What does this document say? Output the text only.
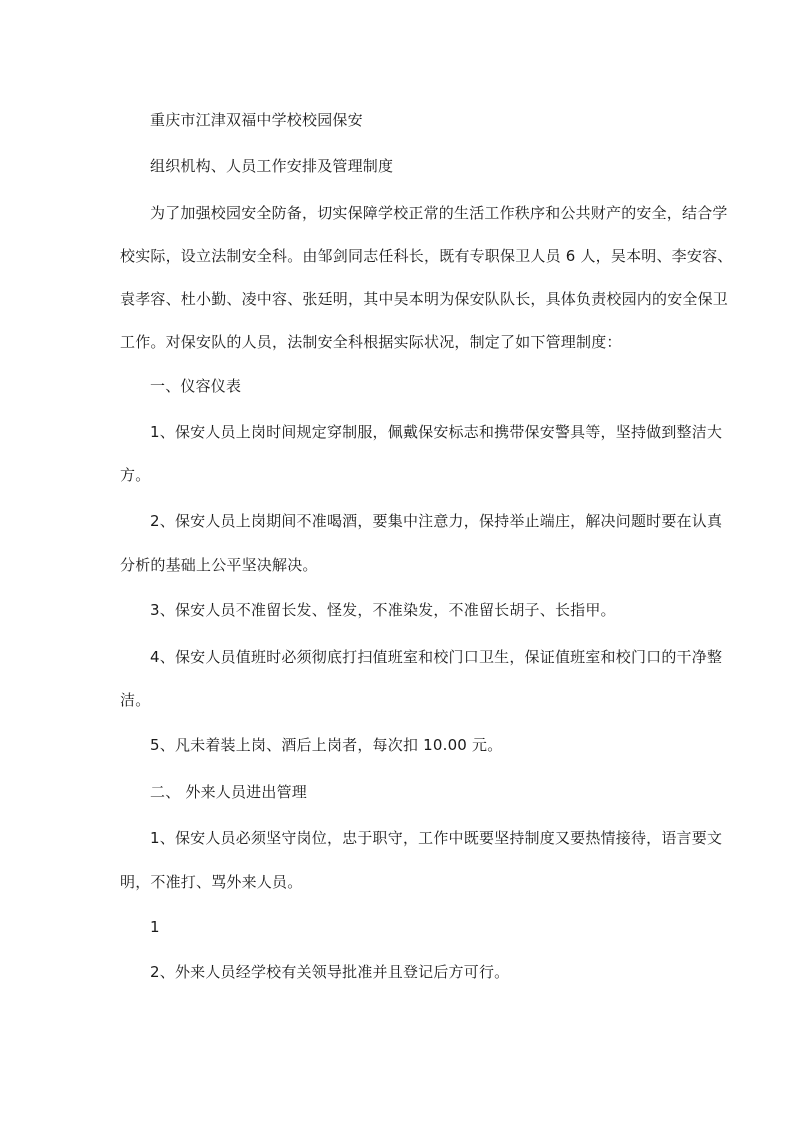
重庆市江津双福中学校校园保安
组织机构、人员工作安排及管理制度
为了加强校园安全防备，切实保障学校正常的生活工作秩序和公共财产的安全，结合学
校实际，设立法制安全科。由邹剑同志任科长，既有专职保卫人员 6 人，吴本明、李安容、
袁孝容、杜小勤、凌中容、张廷明，其中吴本明为保安队队长，具体负责校园内的安全保卫
工作。对保安队的人员，法制安全科根据实际状况，制定了如下管理制度：
一、仪容仪表
1、保安人员上岗时间规定穿制服，佩戴保安标志和携带保安警具等，坚持做到整洁大
方。
2、保安人员上岗期间不准喝酒，要集中注意力，保持举止端庄，解决问题时要在认真
分析的基础上公平坚决解决。
3、保安人员不准留长发、怪发，不准染发，不准留长胡子、长指甲。
4、保安人员值班时必须彻底打扫值班室和校门口卫生，保证值班室和校门口的干净整
洁。
5、凡未着装上岗、酒后上岗者，每次扣 10.00 元。
二、 外来人员进出管理
1、保安人员必须坚守岗位，忠于职守，工作中既要坚持制度又要热情接待，语言要文
明，不准打、骂外来人员。
1
2、外来人员经学校有关领导批准并且登记后方可行。
